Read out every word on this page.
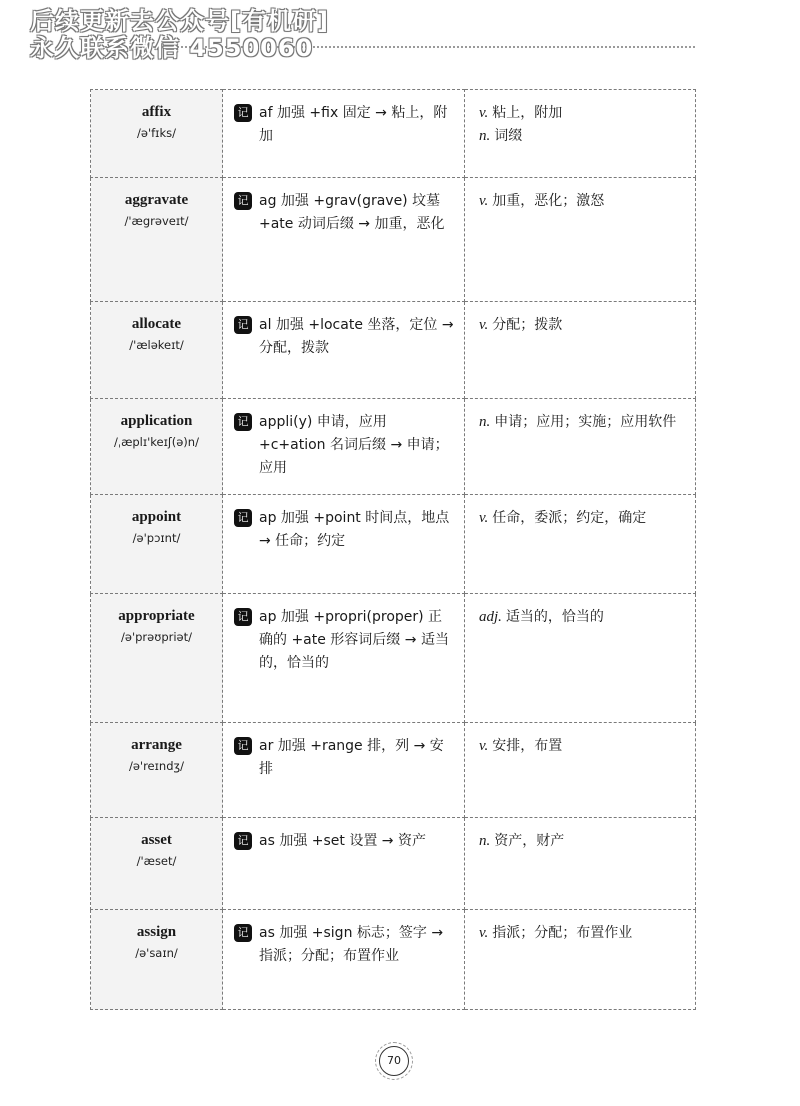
后续更新去公众号[有机研]
永久联系微信 4550060
affix
/ə'fɪks/	记 af 加强 +fix 固定 → 粘上，附加	v. 粘上，附加
n. 词缀

aggravate
/'ægrəveɪt/	记 ag 加强 +grav(grave) 坟墓 +ate 动词后缀 → 加重，恶化	v. 加重，恶化；激怒

allocate
/'æləkeɪt/	记 al 加强 +locate 坐落，定位 → 分配，拨款	v. 分配；拨款

application
/ˌæplɪ'keɪʃ(ə)n/	记 appli(y) 申请，应用 +c+ation 名词后缀 → 申请；应用	n. 申请；应用；实施；应用软件

appoint
/ə'pɔɪnt/	记 ap 加强 +point 时间点，地点 → 任命；约定	v. 任命，委派；约定，确定

appropriate
/ə'prəʊpriət/	记 ap 加强 +propri(proper) 正确的 +ate 形容词后缀 → 适当的，恰当的	adj. 适当的，恰当的

arrange
/ə'reɪndʒ/	记 ar 加强 +range 排，列 → 安排	v. 安排，布置

asset
/'æset/	记 as 加强 +set 设置 → 资产	n. 资产，财产

assign
/ə'saɪn/	记 as 加强 +sign 标志；签字 → 指派；分配；布置作业	v. 指派；分配；布置作业
70
